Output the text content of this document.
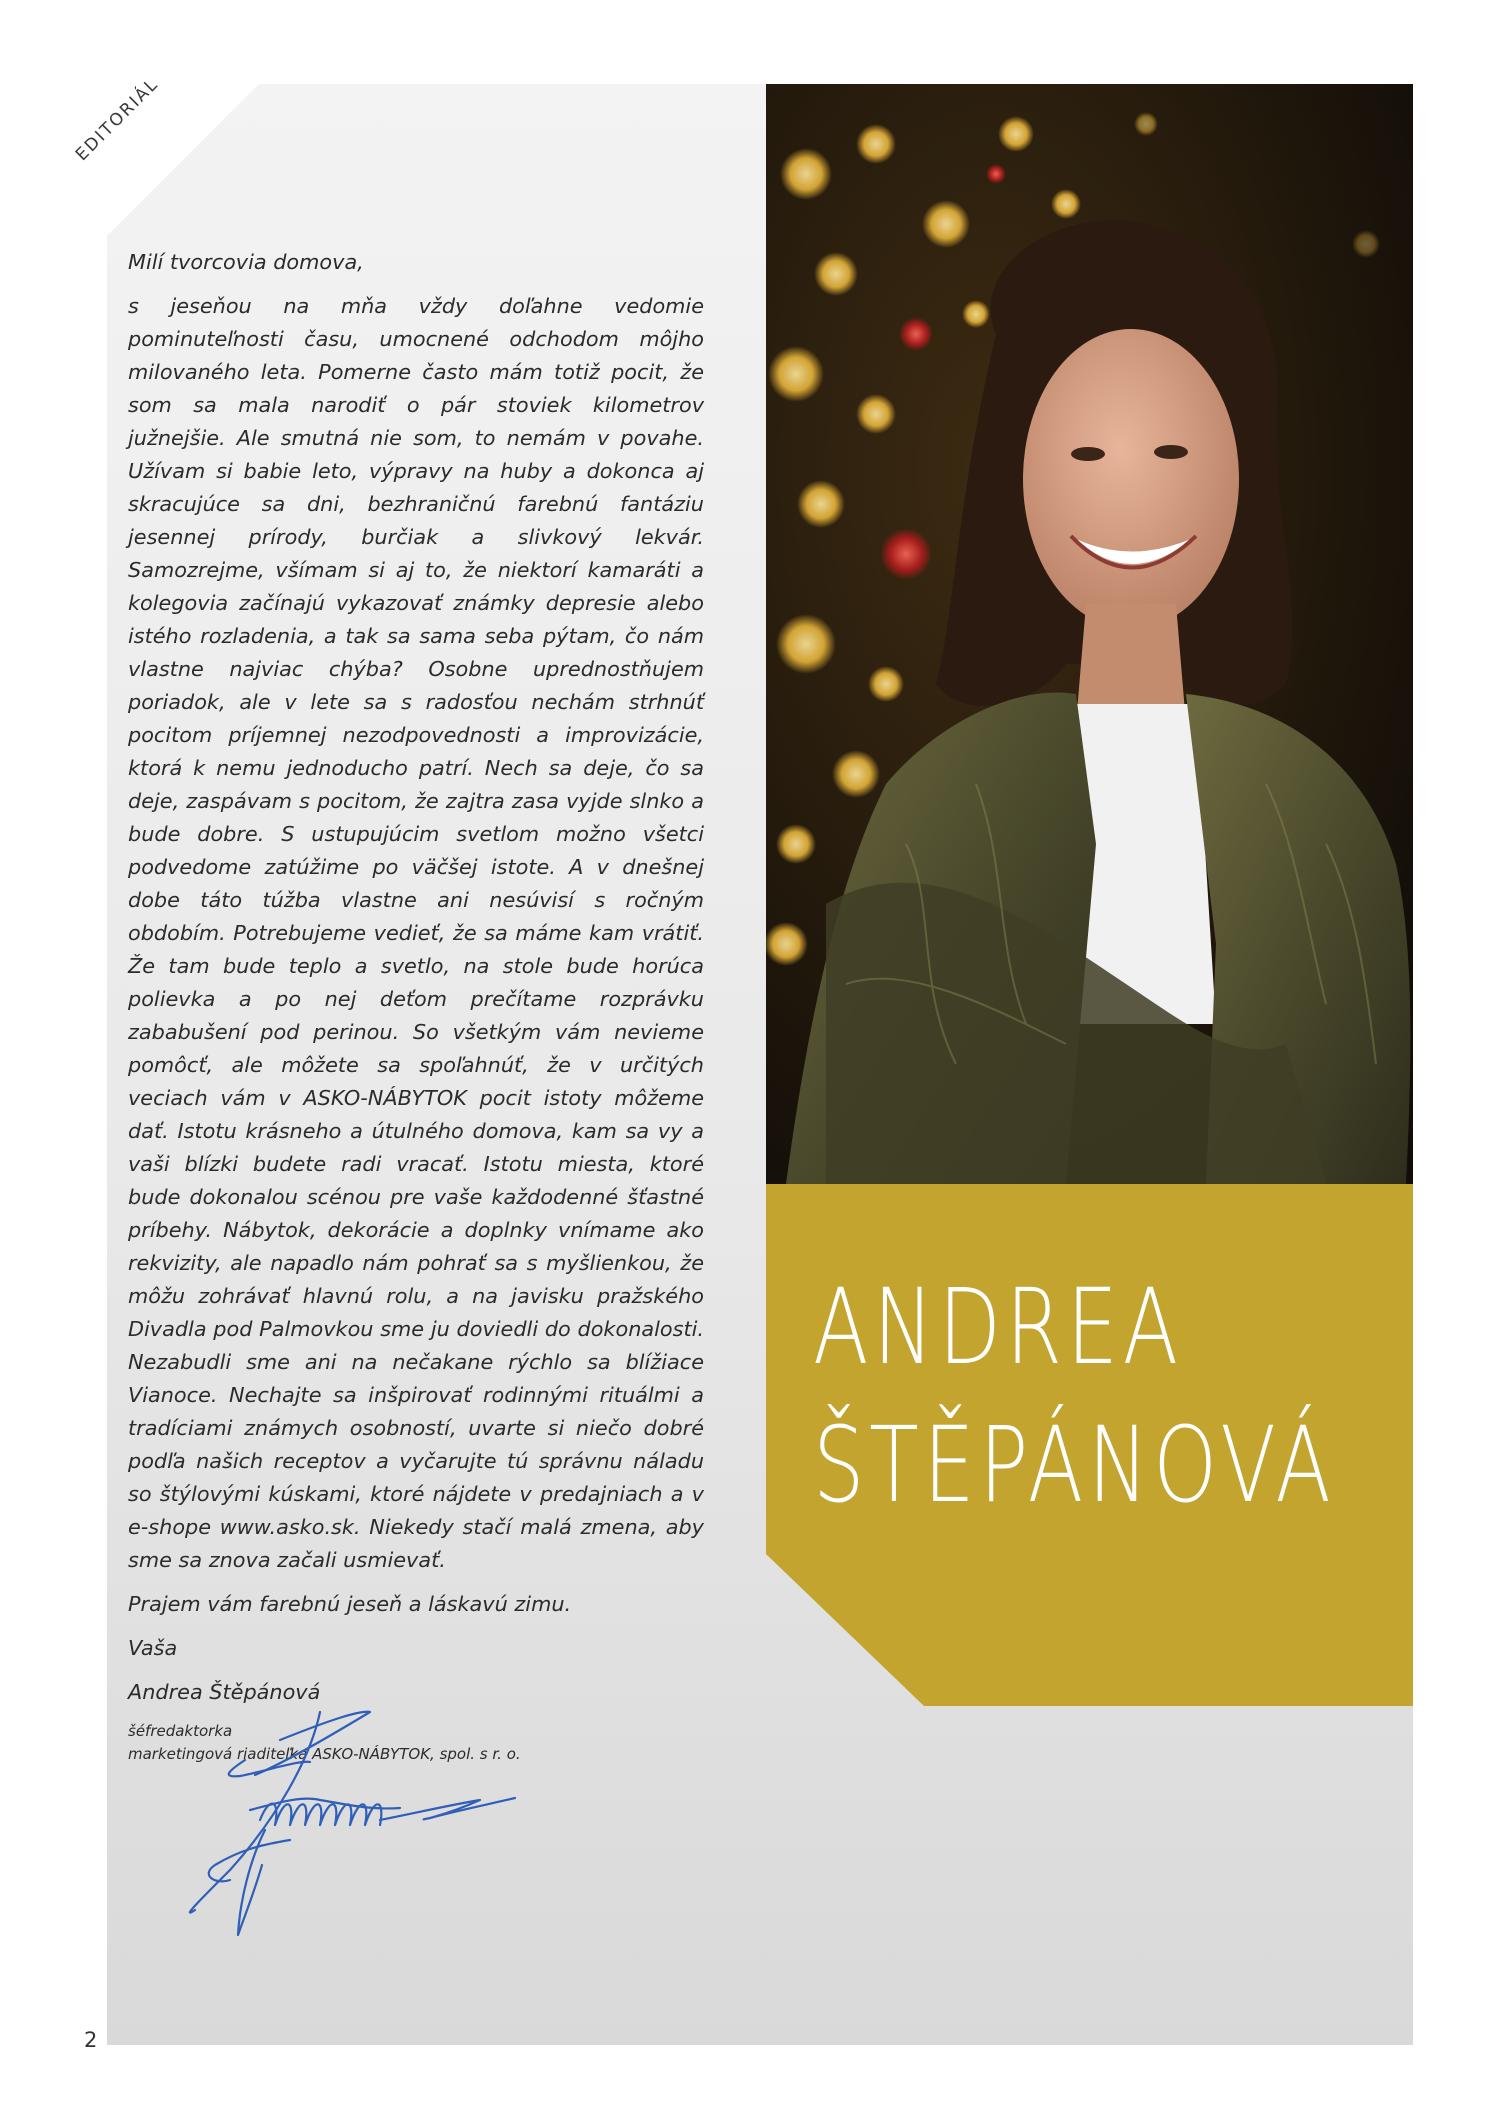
EDITORIÁL

Milí tvorcovia domova,

s jeseňou na mňa vždy doľahne vedomie pominuteľnosti času, umocnené odchodom môjho milovaného leta. Pomerne často mám totiž pocit, že som sa mala narodiť o pár stoviek kilometrov južnejšie. Ale smutná nie som, to nemám v povahe. Užívam si babie leto, výpravy na huby a dokonca aj skracujúce sa dni, bezhraničnú farebnú fantáziu jesennej prírody, burčiak a slivkový lekvár. Samozrejme, všímam si aj to, že niektorí kamaráti a kolegovia začínajú vykazovať známky depresie alebo istého rozladenia, a tak sa sama seba pýtam, čo nám vlastne najviac chýba? Osobne uprednostňujem poriadok, ale v lete sa s radosťou nechám strhnúť pocitom príjemnej nezodpovednosti a improvizácie, ktorá k nemu jednoducho patrí. Nech sa deje, čo sa deje, zaspávam s pocitom, že zajtra zasa vyjde slnko a bude dobre. S ustupujúcim svetlom možno všetci podvedome zatúžime po väčšej istote. A v dnešnej dobe táto túžba vlastne ani nesúvisí s ročným obdobím. Potrebujeme vedieť, že sa máme kam vrátiť. Že tam bude teplo a svetlo, na stole bude horúca polievka a po nej deťom prečítame rozprávku zababušení pod perinou. So všetkým vám nevieme pomôcť, ale môžete sa spoľahnúť, že v určitých veciach vám v ASKO-NÁBYTOK pocit istoty môžeme dať. Istotu krásneho a útulného domova, kam sa vy a vaši blízki budete radi vracať. Istotu miesta, ktoré bude dokonalou scénou pre vaše každodenné šťastné príbehy. Nábytok, dekorácie a doplnky vnímame ako rekvizity, ale napadlo nám pohrať sa s myšlienkou, že môžu zohrávať hlavnú rolu, a na javisku pražského Divadla pod Palmovkou sme ju doviedli do dokonalosti. Nezabudli sme ani na nečakane rýchlo sa blížiace Vianoce. Nechajte sa inšpirovať rodinnými rituálmi a tradíciami známych osobností, uvarte si niečo dobré podľa našich receptov a vyčarujte tú správnu náladu so štýlovými kúskami, ktoré nájdete v predajniach a v e-shope www.asko.sk. Niekedy stačí malá zmena, aby sme sa znova začali usmievať.

Prajem vám farebnú jeseň a láskavú zimu.

Vaša

Andrea Štěpánová

šéfredaktorka

marketingová riaditeľka ASKO-NÁBYTOK, spol. s r. o.

ANDREA
ŠTĚPÁNOVÁ
2
